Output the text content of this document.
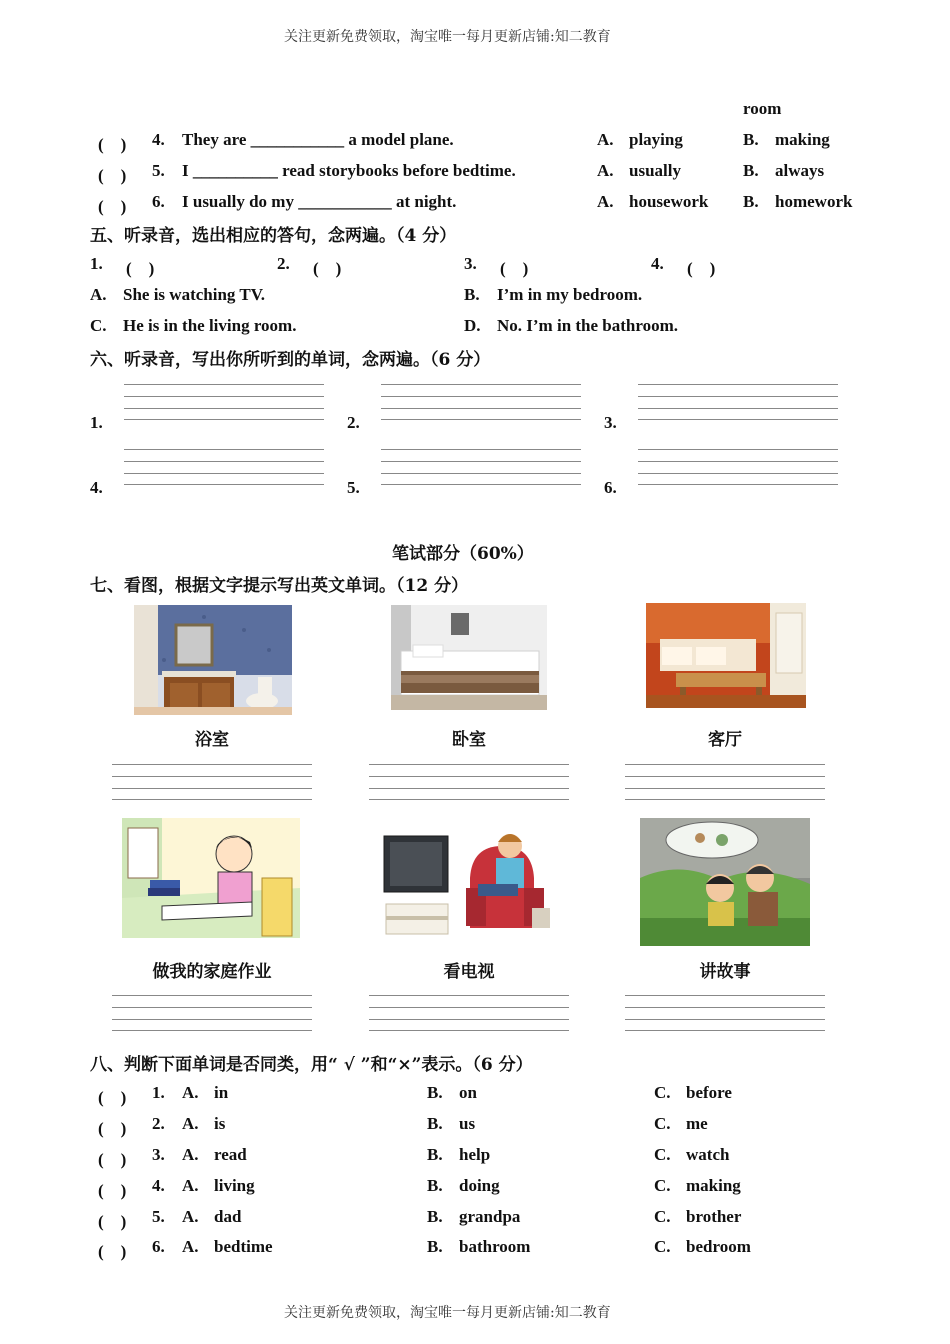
关注更新免费领取，淘宝唯一每月更新店铺:知二教育
关注更新免费领取，淘宝唯一每月更新店铺:知二教育
room
(　) 4. They are ___________ a model plane.	A. playing	B. making
(　) 5. I __________ read storybooks before bedtime.	A. usually	B. always
(　) 6. I usually do my ___________ at night.	A. housework B. homework
五、听录音，选出相应的答句，念两遍。（4 分）
1. (　)	2. (　)	3. (　)	4. (　)
A. She is watching TV.	B. I’m in my bedroom.
C. He is in the living room.	D. No. I’m in the bathroom.
六、听录音，写出你所听到的单词，念两遍。（6 分）
1.	2.	3.
4.	5.	6.
笔试部分（60%）
七、看图，根据文字提示写出英文单词。（12 分）
浴室	卧室	客厅
做我的家庭作业	看电视	讲故事
八、判断下面单词是否同类，用“ √ ”和“×”表示。（6 分）
(　) 1. A. in	B. on	C. before
(　) 2. A. is	B. us	C. me
(　) 3. A. read	B. help	C. watch
(　) 4. A. living	B. doing	C. making
(　) 5. A. dad	B. grandpa	C. brother
(　) 6. A. bedtime	B. bathroom	C. bedroom
